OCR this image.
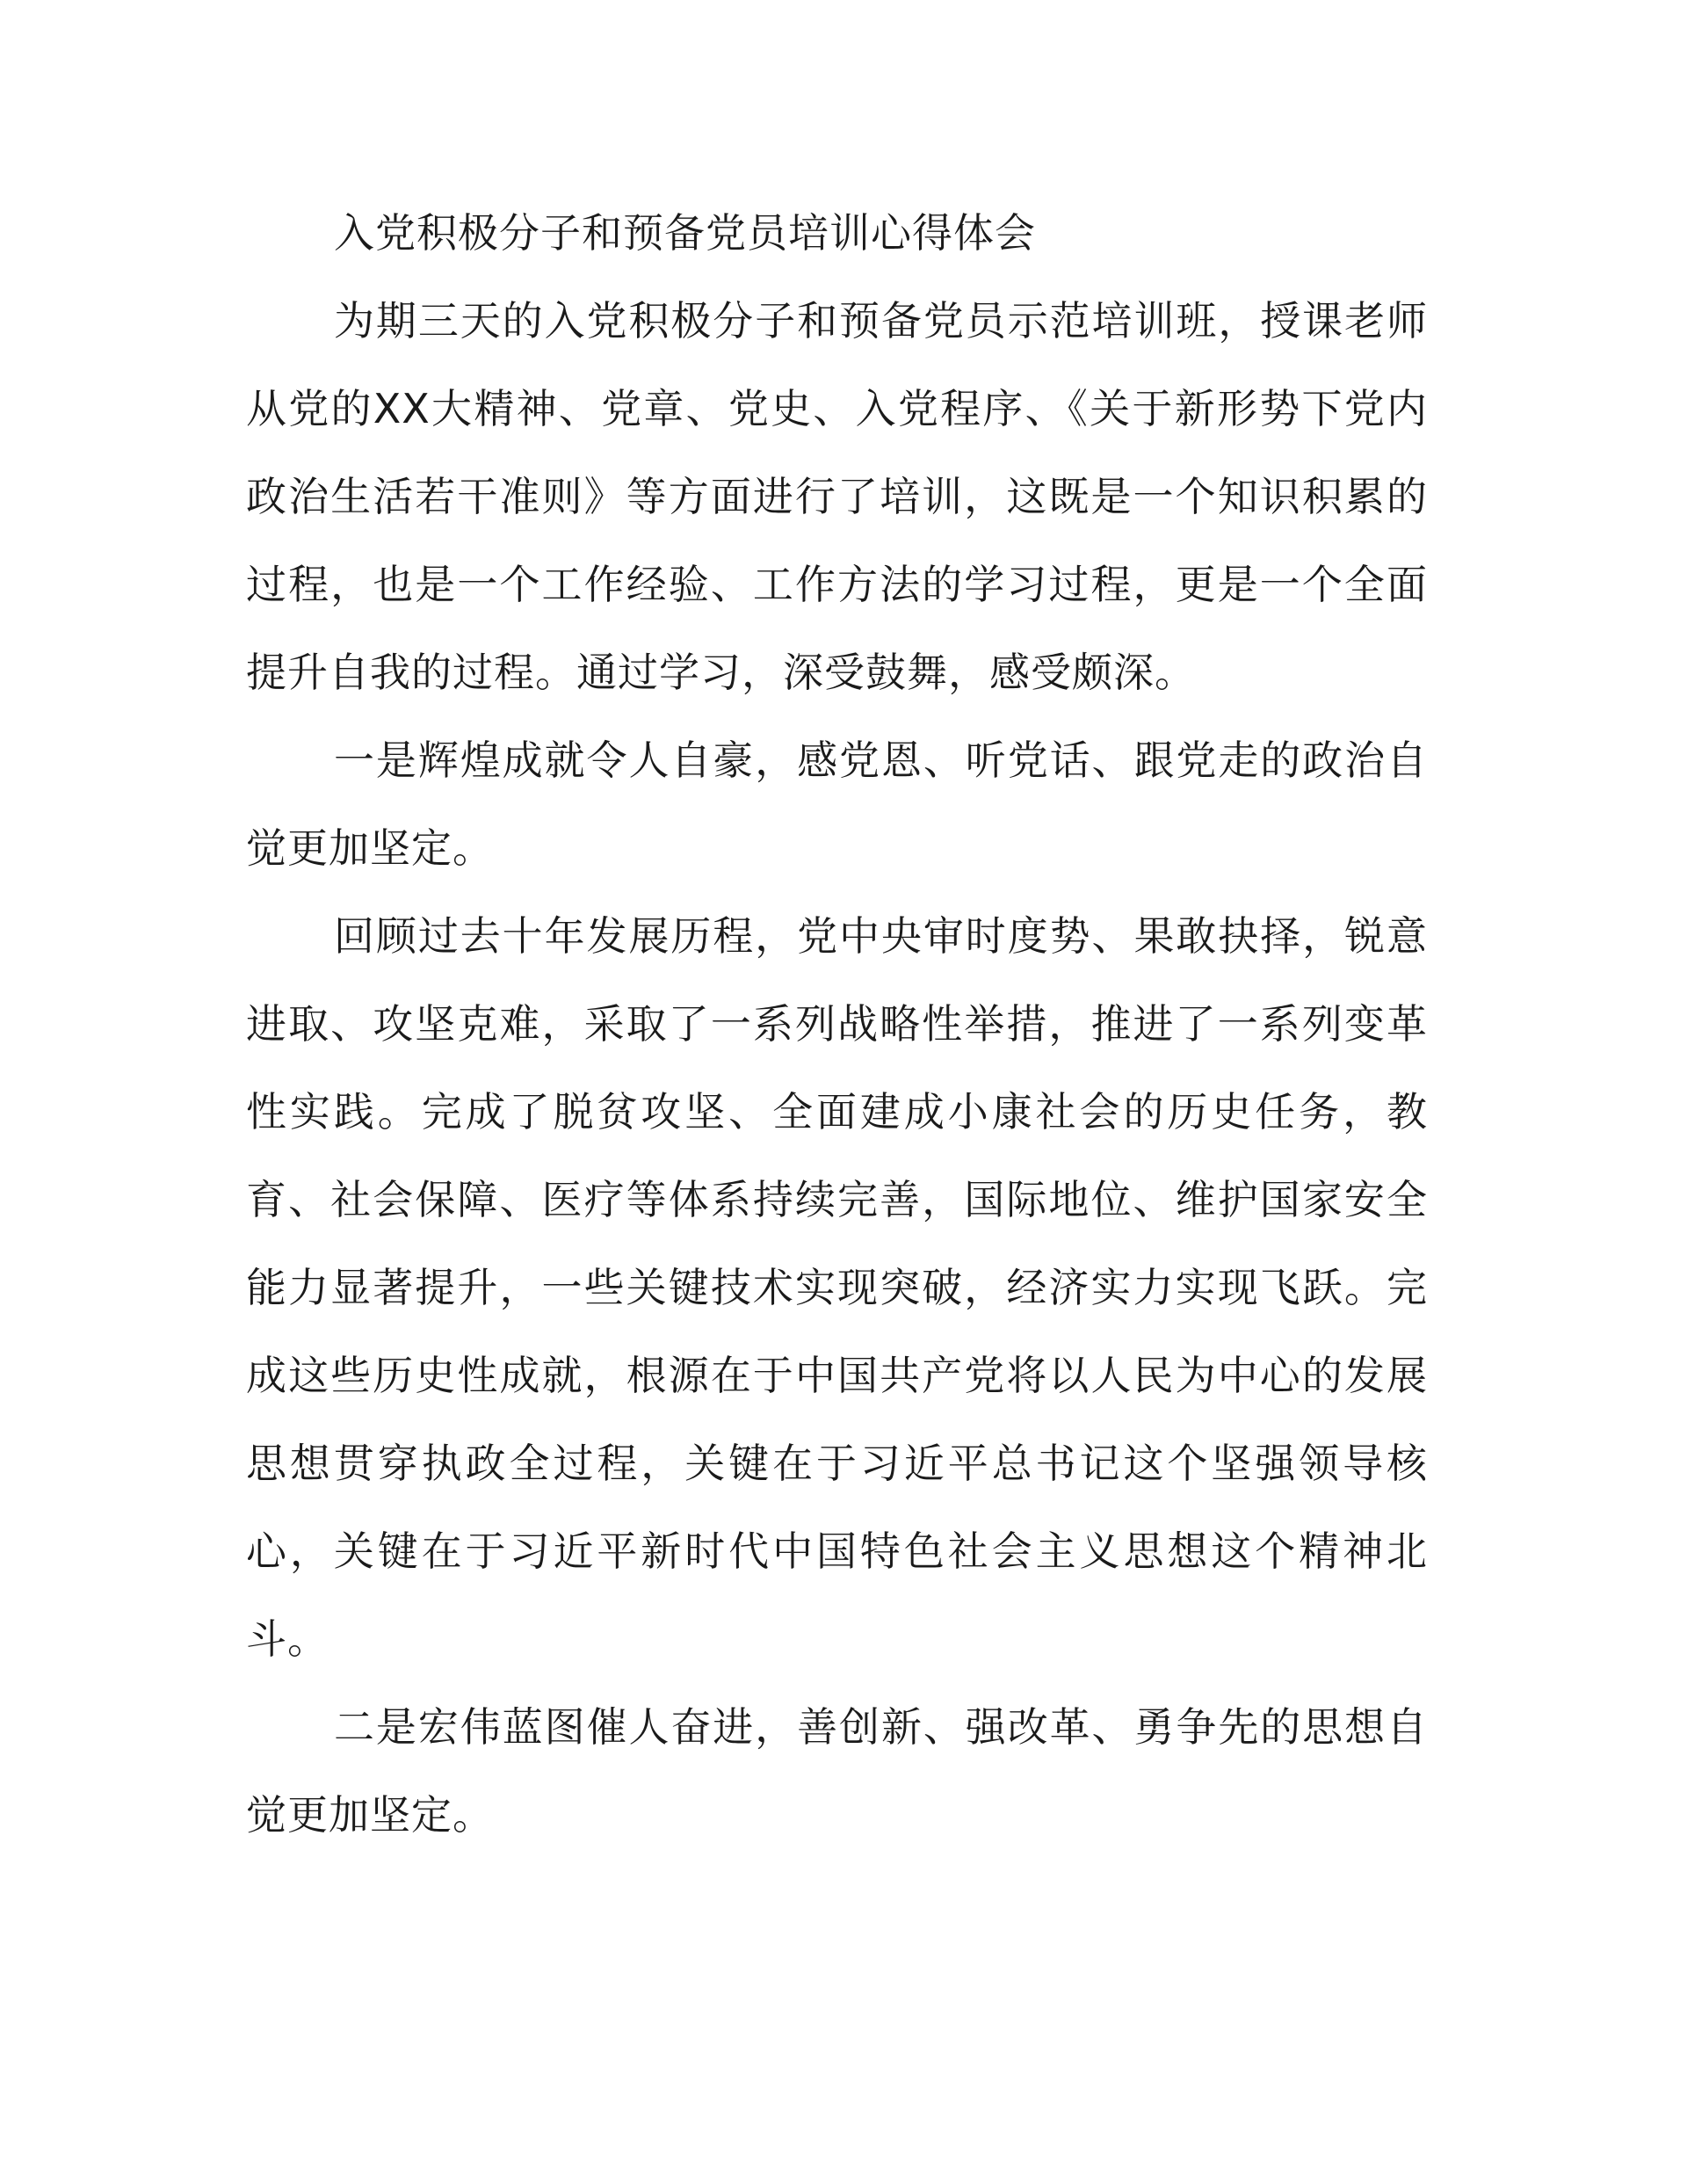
入党积极分子和预备党员培训心得体会

为期三天的入党积极分子和预备党员示范培训班，授课老师从党的XX大精神、党章、党史、入党程序、《关于新形势下党内政治生活若干准则》等方面进行了培训，这既是一个知识积累的过程，也是一个工作经验、工作方法的学习过程，更是一个全面提升自我的过程。通过学习，深受鼓舞，感受颇深。

一是辉煌成就令人自豪，感党恩、听党话、跟党走的政治自觉更加坚定。

回顾过去十年发展历程，党中央审时度势、果敢抉择，锐意进取、攻坚克难，采取了一系列战略性举措，推进了一系列变革性实践。完成了脱贫攻坚、全面建成小康社会的历史任务，教育、社会保障、医疗等体系持续完善，国际地位、维护国家安全能力显著提升，一些关键技术实现突破，经济实力实现飞跃。完成这些历史性成就，根源在于中国共产党将以人民为中心的发展思想贯穿执政全过程，关键在于习近平总书记这个坚强领导核心，关键在于习近平新时代中国特色社会主义思想这个精神北斗。

二是宏伟蓝图催人奋进，善创新、强改革、勇争先的思想自觉更加坚定。
